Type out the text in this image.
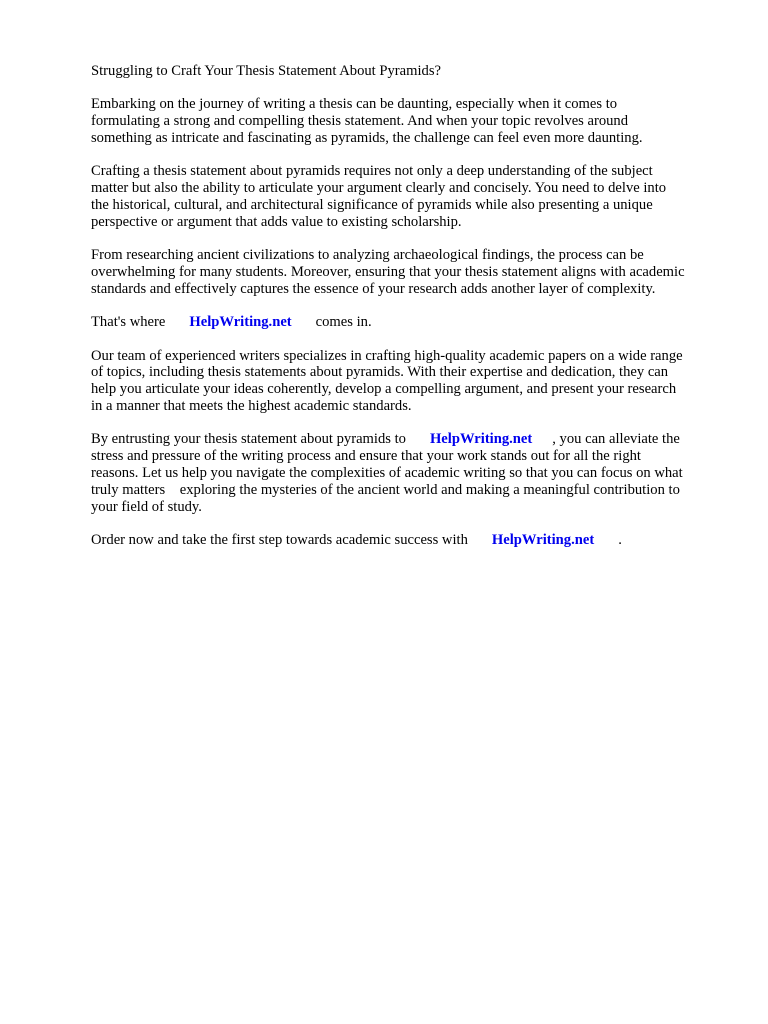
Struggling to Craft Your Thesis Statement About Pyramids?

Embarking on the journey of writing a thesis can be daunting, especially when it comes to
formulating a strong and compelling thesis statement. And when your topic revolves around
something as intricate and fascinating as pyramids, the challenge can feel even more daunting.

Crafting a thesis statement about pyramids requires not only a deep understanding of the subject
matter but also the ability to articulate your argument clearly and concisely. You need to delve into
the historical, cultural, and architectural significance of pyramids while also presenting a unique
perspective or argument that adds value to existing scholarship.

From researching ancient civilizations to analyzing archaeological findings, the process can be
overwhelming for many students. Moreover, ensuring that your thesis statement aligns with academic
standards and effectively captures the essence of your research adds another layer of complexity.

That's where HelpWriting.net comes in.

Our team of experienced writers specializes in crafting high-quality academic papers on a wide range
of topics, including thesis statements about pyramids. With their expertise and dedication, they can
help you articulate your ideas coherently, develop a compelling argument, and present your research
in a manner that meets the highest academic standards.

By entrusting your thesis statement about pyramids to HelpWriting.net , you can alleviate the
stress and pressure of the writing process and ensure that your work stands out for all the right
reasons. Let us help you navigate the complexities of academic writing so that you can focus on what
truly matters    exploring the mysteries of the ancient world and making a meaningful contribution to
your field of study.

Order now and take the first step towards academic success with HelpWriting.net .
